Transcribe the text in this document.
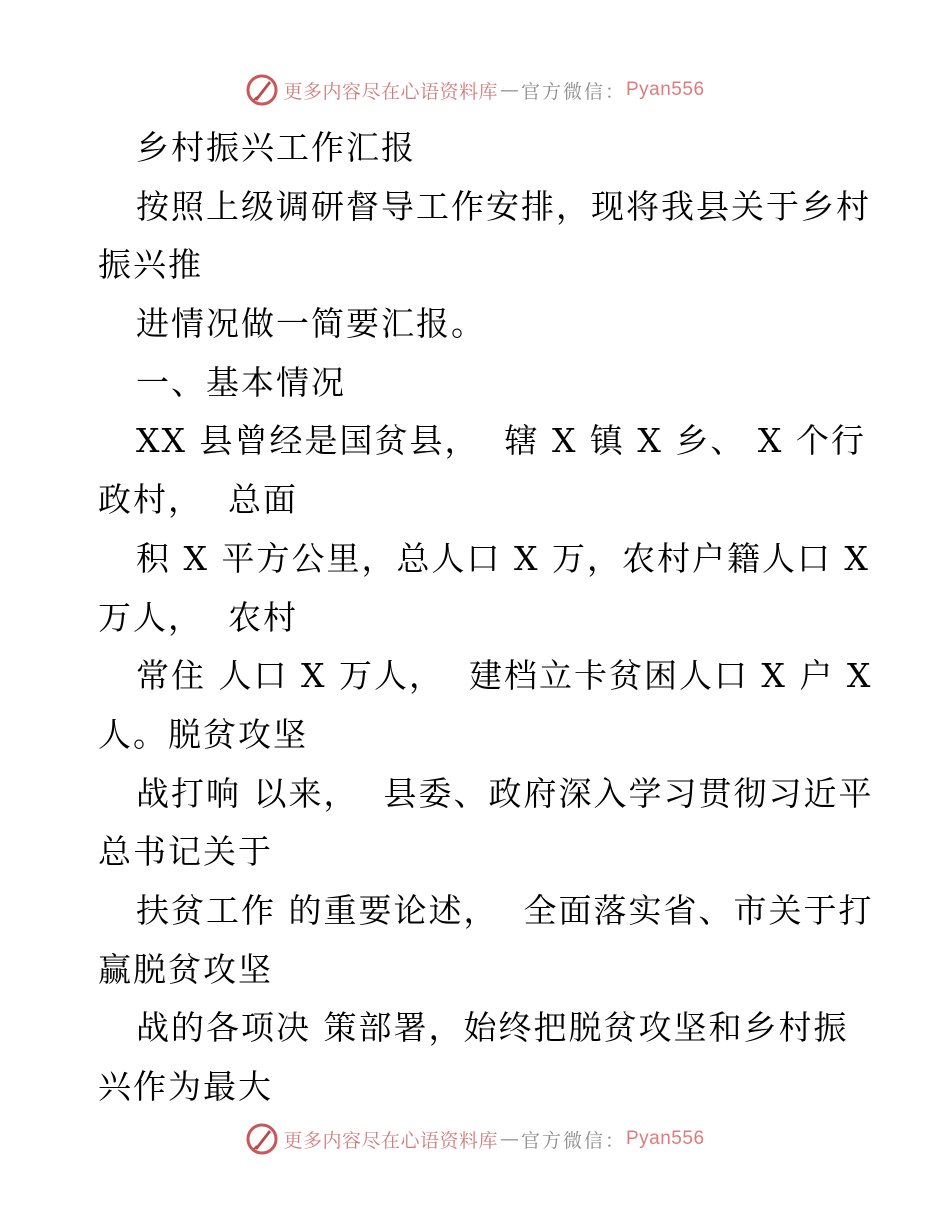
更多内容尽在心语资料库 — 官方微信： Pyan556
乡村振兴工作汇报
按照上级调研督导工作安排，现将我县关于乡村
振兴推
进情况做一简要汇报。
一、基本情况
XX 县曾经是国贫县，  辖 X 镇 X 乡、 X 个行
政村，  总面
积 X 平方公里，总人口 X 万，农村户籍人口 X
万人，  农村
常住 人口 X 万人，  建档立卡贫困人口 X 户 X
人。脱贫攻坚
战打响 以来，  县委、政府深入学习贯彻习近平
总书记关于
扶贫工作 的重要论述，  全面落实省、市关于打
赢脱贫攻坚
战的各项决 策部署，始终把脱贫攻坚和乡村振
兴作为最大
更多内容尽在心语资料库 — 官方微信： Pyan556
